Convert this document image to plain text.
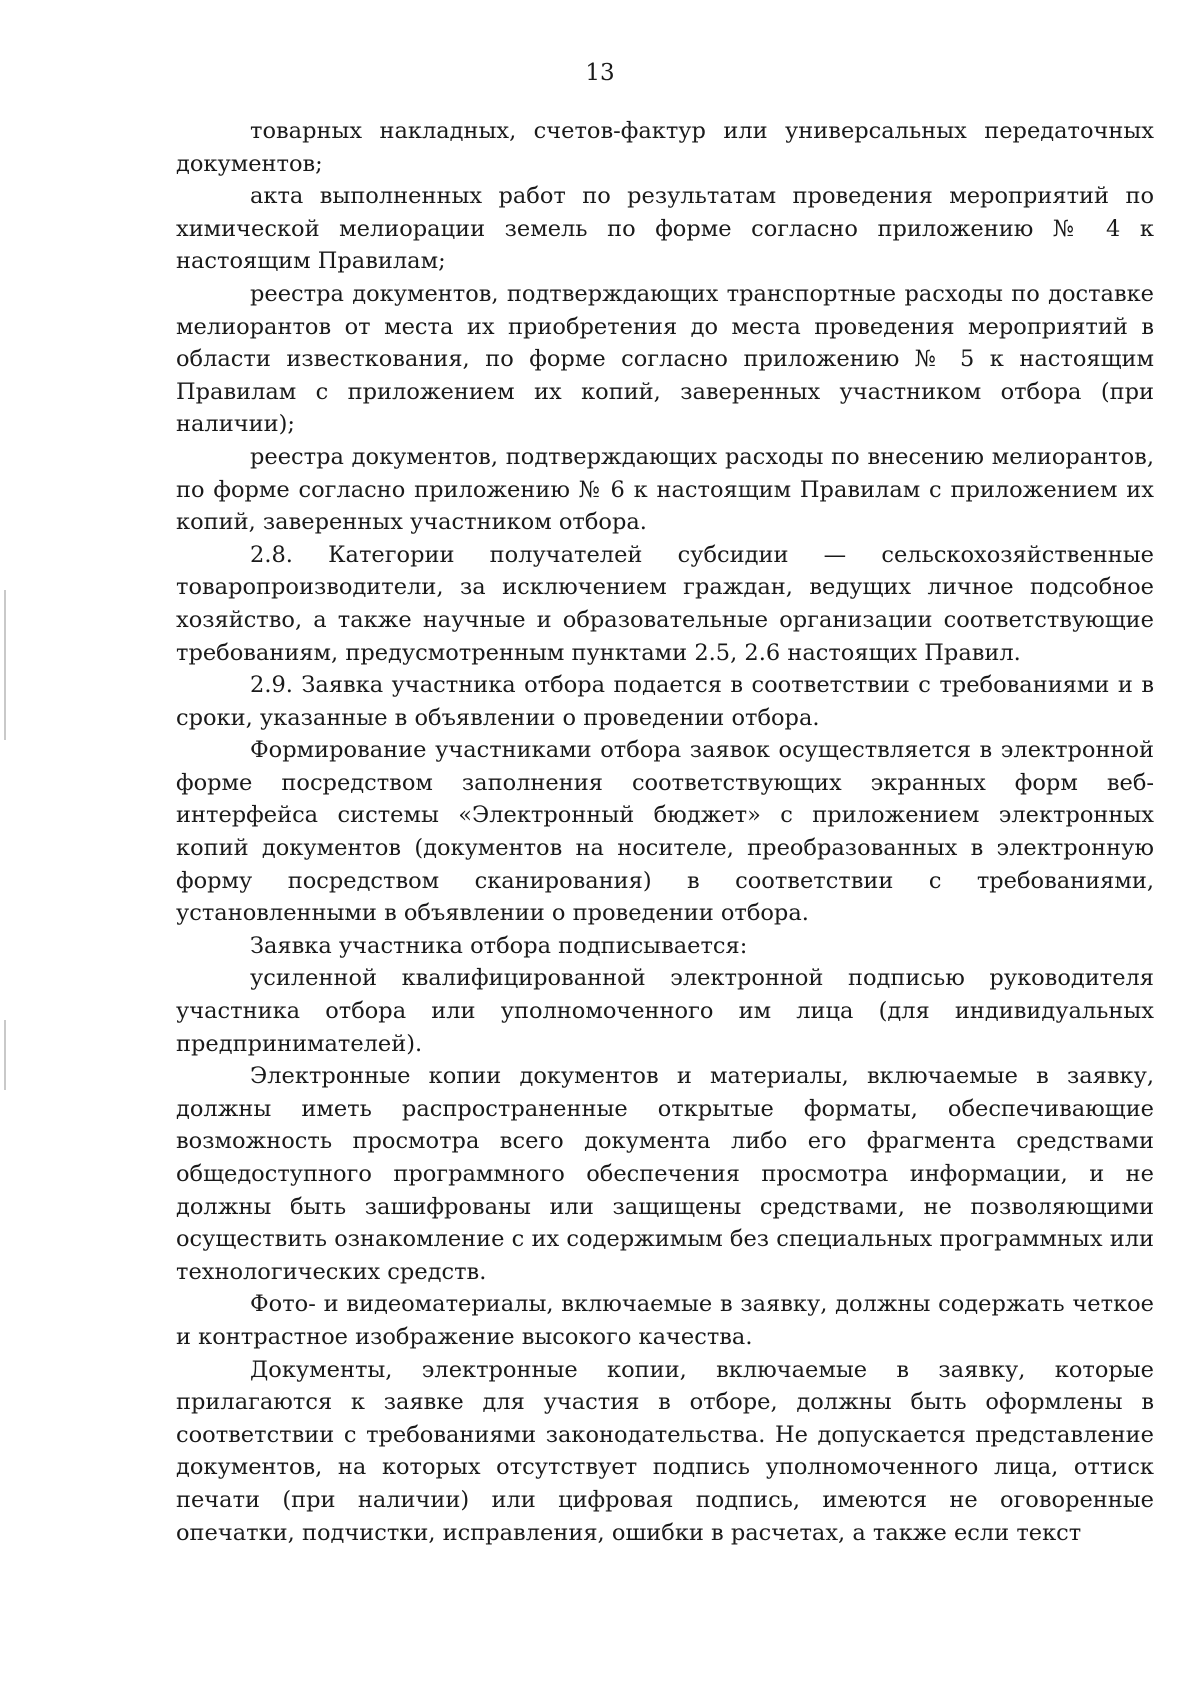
13

товарных накладных, счетов-фактур или универсальных передаточных документов;

акта выполненных работ по результатам проведения мероприятий по химической мелиорации земель по форме согласно приложению № 4 к настоящим Правилам;

реестра документов, подтверждающих транспортные расходы по доставке мелиорантов от места их приобретения до места проведения мероприятий в области известкования, по форме согласно приложению № 5 к настоящим Правилам с приложением их копий, заверенных участником отбора (при наличии);

реестра документов, подтверждающих расходы по внесению мелиорантов, по форме согласно приложению № 6 к настоящим Правилам с приложением их копий, заверенных участником отбора.

2.8. Категории получателей субсидии — сельскохозяйственные товаропроизводители, за исключением граждан, ведущих личное подсобное хозяйство, а также научные и образовательные организации соответствующие требованиям, предусмотренным пунктами 2.5, 2.6 настоящих Правил.

2.9. Заявка участника отбора подается в соответствии с требованиями и в сроки, указанные в объявлении о проведении отбора.

Формирование участниками отбора заявок осуществляется в электронной форме посредством заполнения соответствующих экранных форм веб-интерфейса системы «Электронный бюджет» с приложением электронных копий документов (документов на носителе, преобразованных в электронную форму посредством сканирования) в соответствии с требованиями, установленными в объявлении о проведении отбора.

Заявка участника отбора подписывается:

усиленной квалифицированной электронной подписью руководителя участника отбора или уполномоченного им лица (для индивидуальных предпринимателей).

Электронные копии документов и материалы, включаемые в заявку, должны иметь распространенные открытые форматы, обеспечивающие возможность просмотра всего документа либо его фрагмента средствами общедоступного программного обеспечения просмотра информации, и не должны быть зашифрованы или защищены средствами, не позволяющими осуществить ознакомление с их содержимым без специальных программных или технологических средств.

Фото- и видеоматериалы, включаемые в заявку, должны содержать четкое и контрастное изображение высокого качества.

Документы, электронные копии, включаемые в заявку, которые прилагаются к заявке для участия в отборе, должны быть оформлены в соответствии с требованиями законодательства. Не допускается представление документов, на которых отсутствует подпись уполномоченного лица, оттиск печати (при наличии) или цифровая подпись, имеются не оговоренные опечатки, подчистки, исправления, ошибки в расчетах, а также если текст
